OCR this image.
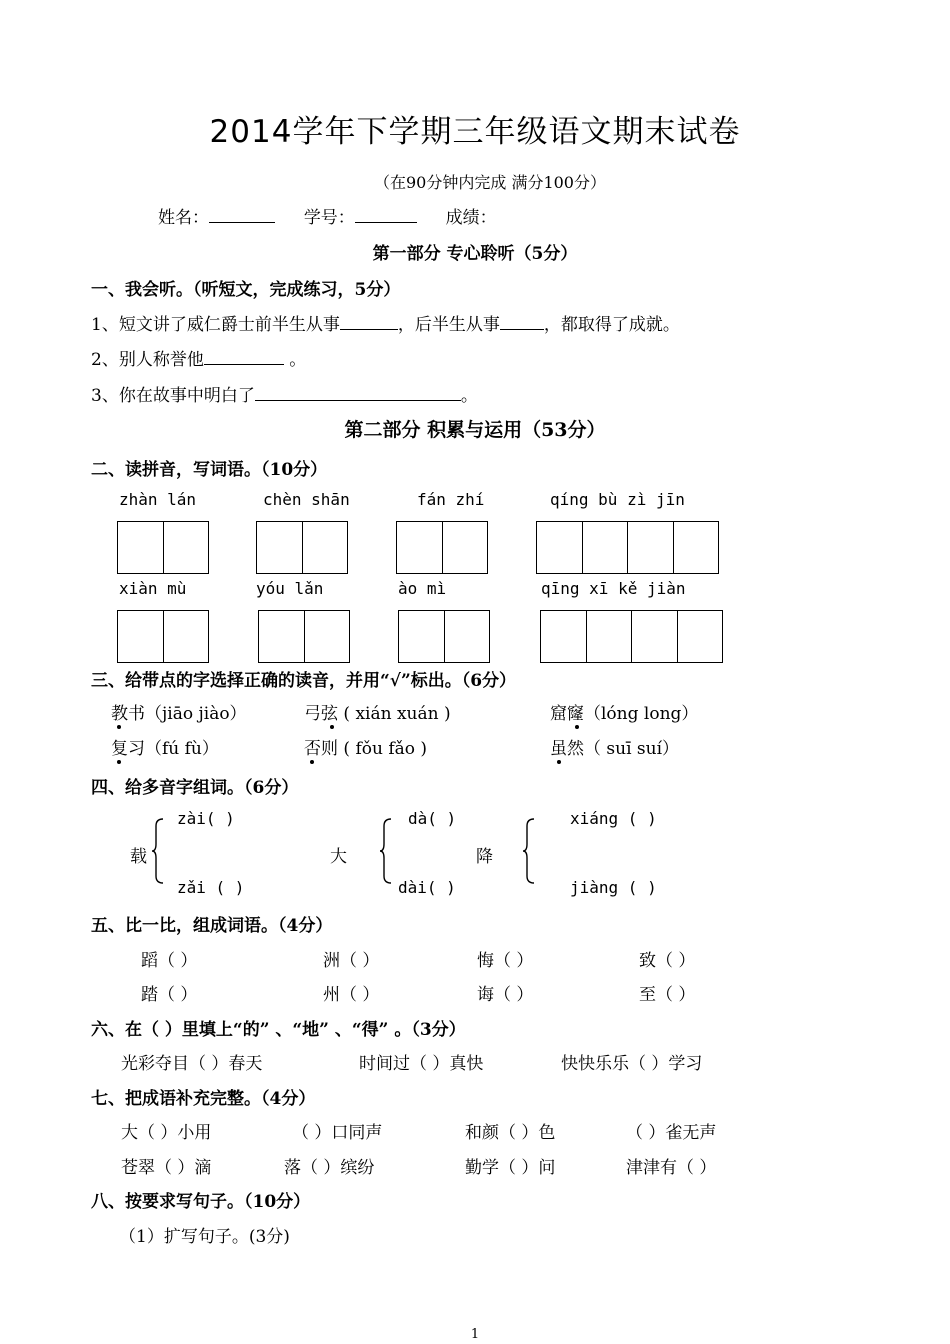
2014学年下学期三年级语文期末试卷
（在90分钟内完成 满分100分）
姓名：	学号：	成绩：
第一部分 专心聆听（5分）
一、我会听。（听短文，完成练习，5分）
1、短文讲了威仁爵士前半生从事	，后半生从事	，都取得了成就。
2、别人称誉他	。
3、你在故事中明白了	。
第二部分 积累与运用（53分）
二、读拼音，写词语。（10分）
zhàn lán	chèn shān	fán zhí	qíng bù zì jīn
xiàn mù	yóu lǎn	ào mì	qīng xī kě jiàn
三、给带点的字选择正确的读音，并用“√”标出。（6分）
教书（jiāo jiào）	弓弦 ( xián xuán )	窟窿（lóng long）
复习（fú fù）	否则 ( fǒu fǎo )	虽然（ suī suí）
四、给多音字组词。（6分）
载
zài( )
zǎi ( )
大
dà( )
dài( )
降
xiáng ( )
jiàng ( )
五、比一比，组成词语。（4分）
蹈（ ）	洲（ ）	悔（ ）	致（ ）
踏（ ）	州（ ）	诲（ ）	至（ ）
六、在（ ）里填上“的” 、“地” 、“得” 。（3分）
光彩夺目（ ）春天	时间过（ ）真快	快快乐乐（ ）学习
七、把成语补充完整。（4分）
大（ ）小用	（ ）口同声	和颜（ ）色	（ ）雀无声
苍翠（ ）滴	落（ ）缤纷	勤学（ ）问	津津有（ ）
八、按要求写句子。（10分）
（1）扩写句子。(3分)
1
